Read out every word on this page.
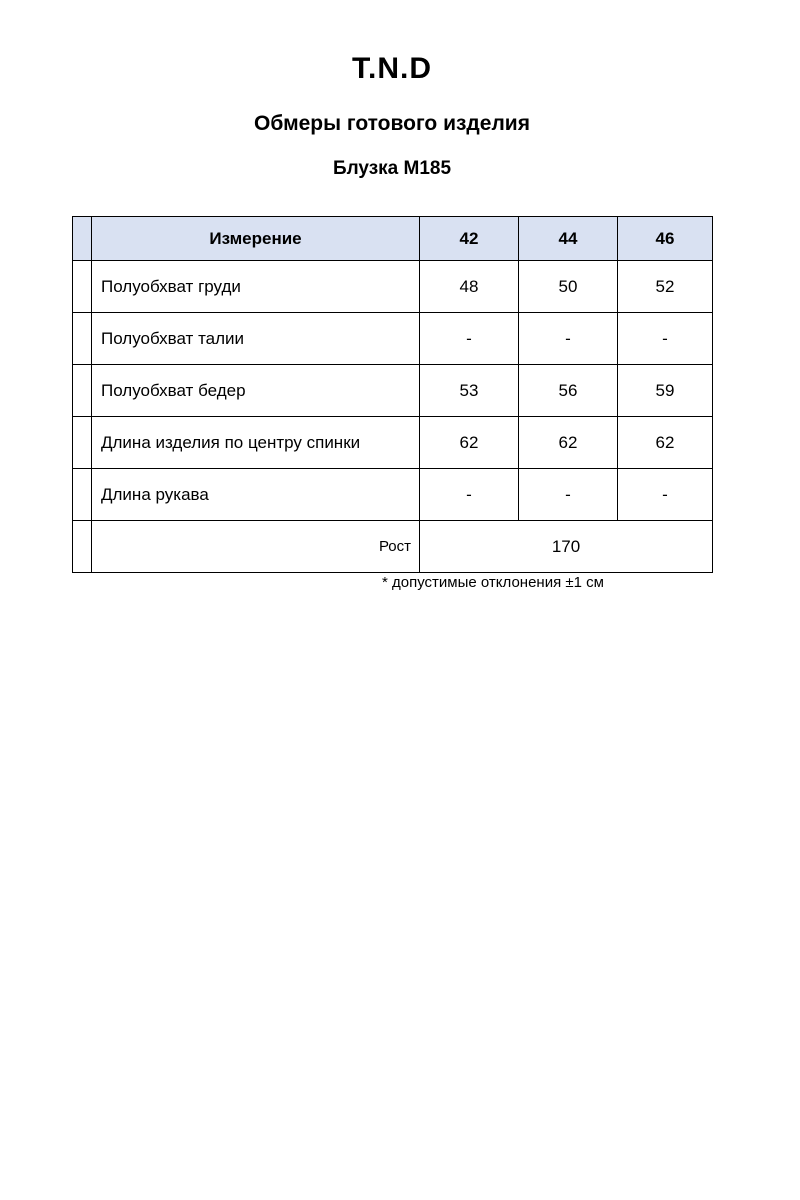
T.N.D
Обмеры готового изделия
Блузка М185
	Измерение	42	44	46
	Полуобхват груди	48	50	52
	Полуобхват талии	-	-	-
	Полуобхват бедер	53	56	59
	Длина изделия по центру спинки	62	62	62
	Длина рукава	-	-	-
	Рост	170		
* допустимые отклонения ±1 см
